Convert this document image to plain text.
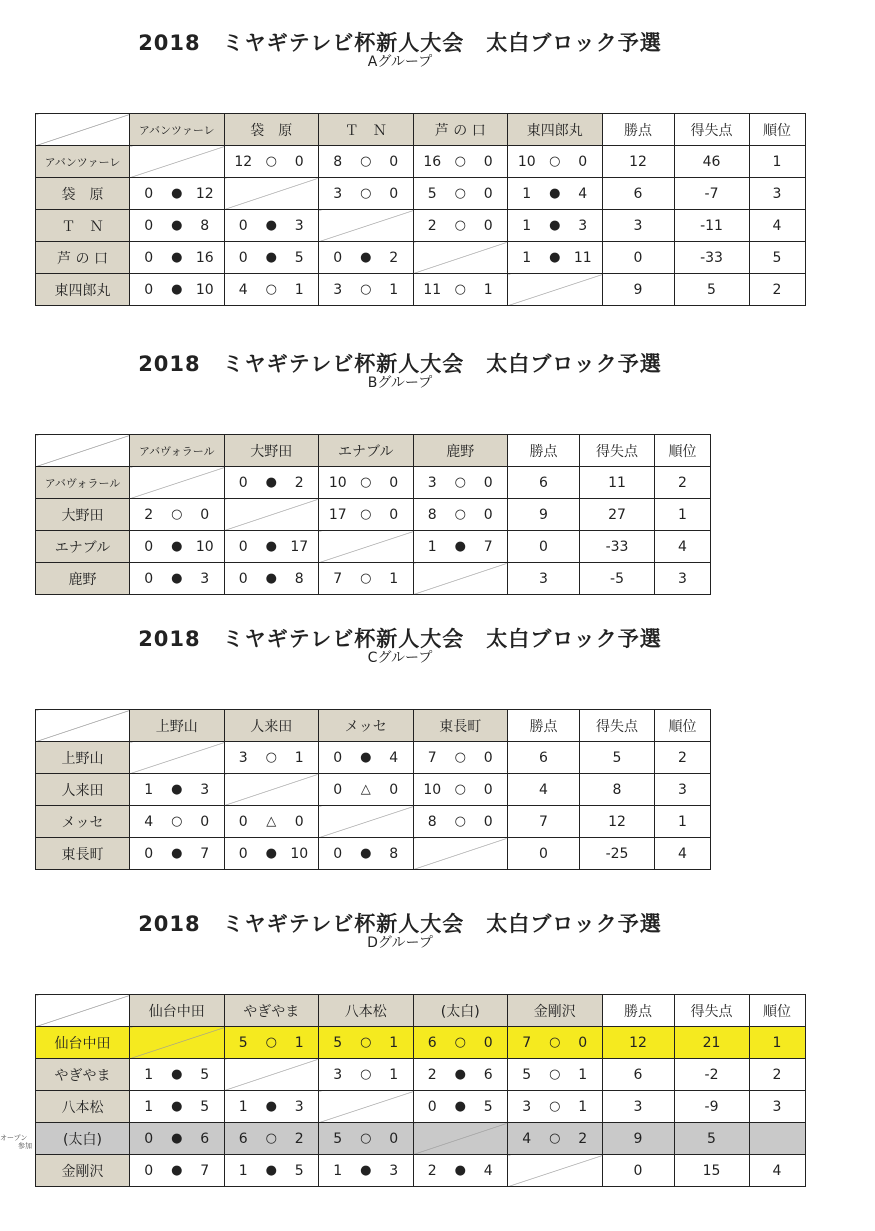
2018　ミヤギテレビ杯新人大会　太白ブロック予選
Aグループ
	アバンツァーレ	袋　原	Ｔ　Ｎ	芦 の 口	東四郎丸	勝点	得失点	順位
アバンツァーレ		12 ○ 0	8 ○ 0	16 ○ 0	10 ○ 0	12	46	1
袋　原	0 ● 12		3 ○ 0	5 ○ 0	1 ● 4	6	-7	3
Ｔ　Ｎ	0 ● 8	0 ● 3		2 ○ 0	1 ● 3	3	-11	4
芦 の 口	0 ● 16	0 ● 5	0 ● 2		1 ● 11	0	-33	5
東四郎丸	0 ● 10	4 ○ 1	3 ○ 1	11 ○ 1		9	5	2
2018　ミヤギテレビ杯新人大会　太白ブロック予選
Bグループ
	アバヴォラール	大野田	エナブル	鹿野	勝点	得失点	順位
アバヴォラール		0 ● 2	10 ○ 0	3 ○ 0	6	11	2
大野田	2 ○ 0		17 ○ 0	8 ○ 0	9	27	1
エナブル	0 ● 10	0 ● 17		1 ● 7	0	-33	4
鹿野	0 ● 3	0 ● 8	7 ○ 1		3	-5	3
2018　ミヤギテレビ杯新人大会　太白ブロック予選
Cグループ
	上野山	人来田	メッセ	東長町	勝点	得失点	順位
上野山		3 ○ 1	0 ● 4	7 ○ 0	6	5	2
人来田	1 ● 3		0 △ 0	10 ○ 0	4	8	3
メッセ	4 ○ 0	0 △ 0		8 ○ 0	7	12	1
東長町	0 ● 7	0 ● 10	0 ● 8		0	-25	4
2018　ミヤギテレビ杯新人大会　太白ブロック予選
Dグループ
	仙台中田	やぎやま	八本松	(太白)	金剛沢	勝点	得失点	順位
仙台中田		5 ○ 1	5 ○ 1	6 ○ 0	7 ○ 0	12	21	1
やぎやま	1 ● 5		3 ○ 1	2 ● 6	5 ○ 1	6	-2	2
八本松	1 ● 5	1 ● 3		0 ● 5	3 ○ 1	3	-9	3
(太白)	0 ● 6	6 ○ 2	5 ○ 0		4 ○ 2	9	5	
金剛沢	0 ● 7	1 ● 5	1 ● 3	2 ● 4		0	15	4
オープン
参加
